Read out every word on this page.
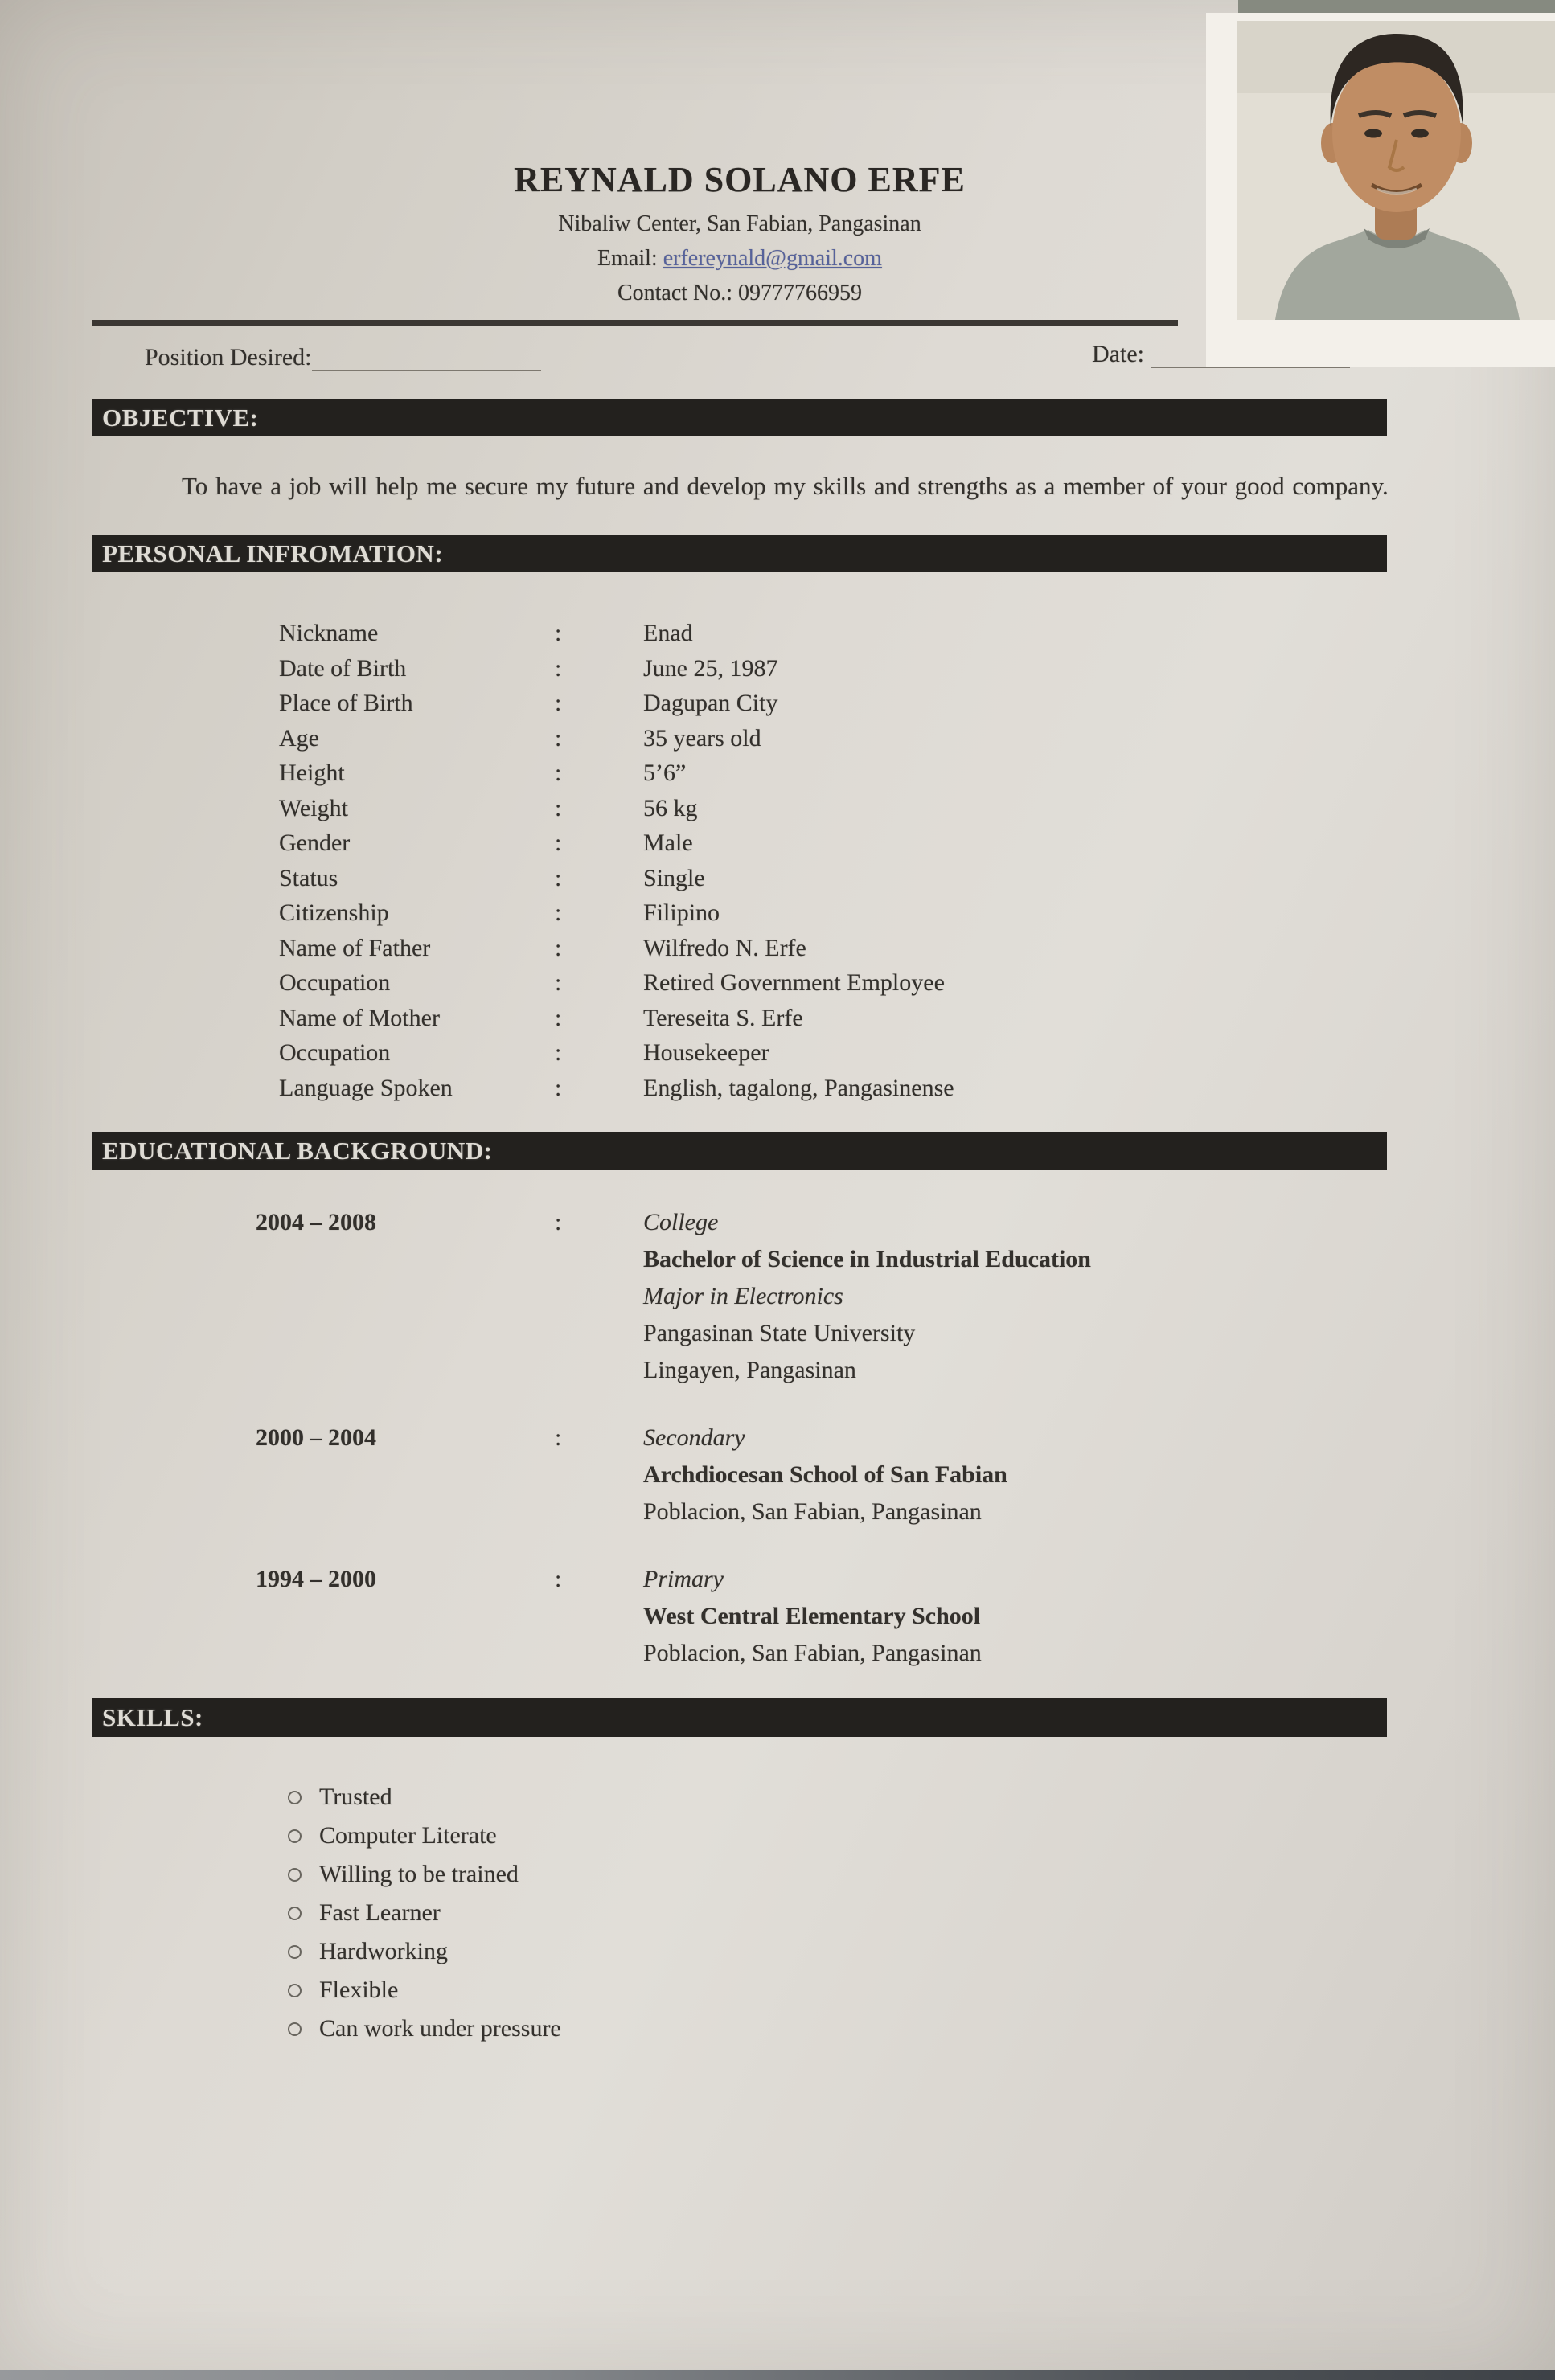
REYNALD SOLANO ERFE
Nibaliw Center, San Fabian, Pangasinan
Email: erfereynald@gmail.com
Contact No.: 09777766959
Position Desired:	Date:
OBJECTIVE:

To have a job will help me secure my future and develop my skills and strengths as a member of your good company.

PERSONAL INFROMATION:
Nickname	:	Enad
Date of Birth	:	June 25, 1987
Place of Birth	:	Dagupan City
Age	:	35 years old
Height	:	5’6”
Weight	:	56 kg
Gender	:	Male
Status	:	Single
Citizenship	:	Filipino
Name of Father	:	Wilfredo N. Erfe
Occupation	:	Retired Government Employee
Name of Mother	:	Tereseita S. Erfe
Occupation	:	Housekeeper
Language Spoken	:	English, tagalong, Pangasinense
EDUCATIONAL BACKGROUND:
2004 – 2008	:	College
Bachelor of Science in Industrial Education
Major in Electronics
Pangasinan State University
Lingayen, Pangasinan
2000 – 2004	:	Secondary
Archdiocesan School of San Fabian
Poblacion, San Fabian, Pangasinan
1994 – 2000	:	Primary
West Central Elementary School
Poblacion, San Fabian, Pangasinan
SKILLS:
Trusted
Computer Literate
Willing to be trained
Fast Learner
Hardworking
Flexible
Can work under pressure
